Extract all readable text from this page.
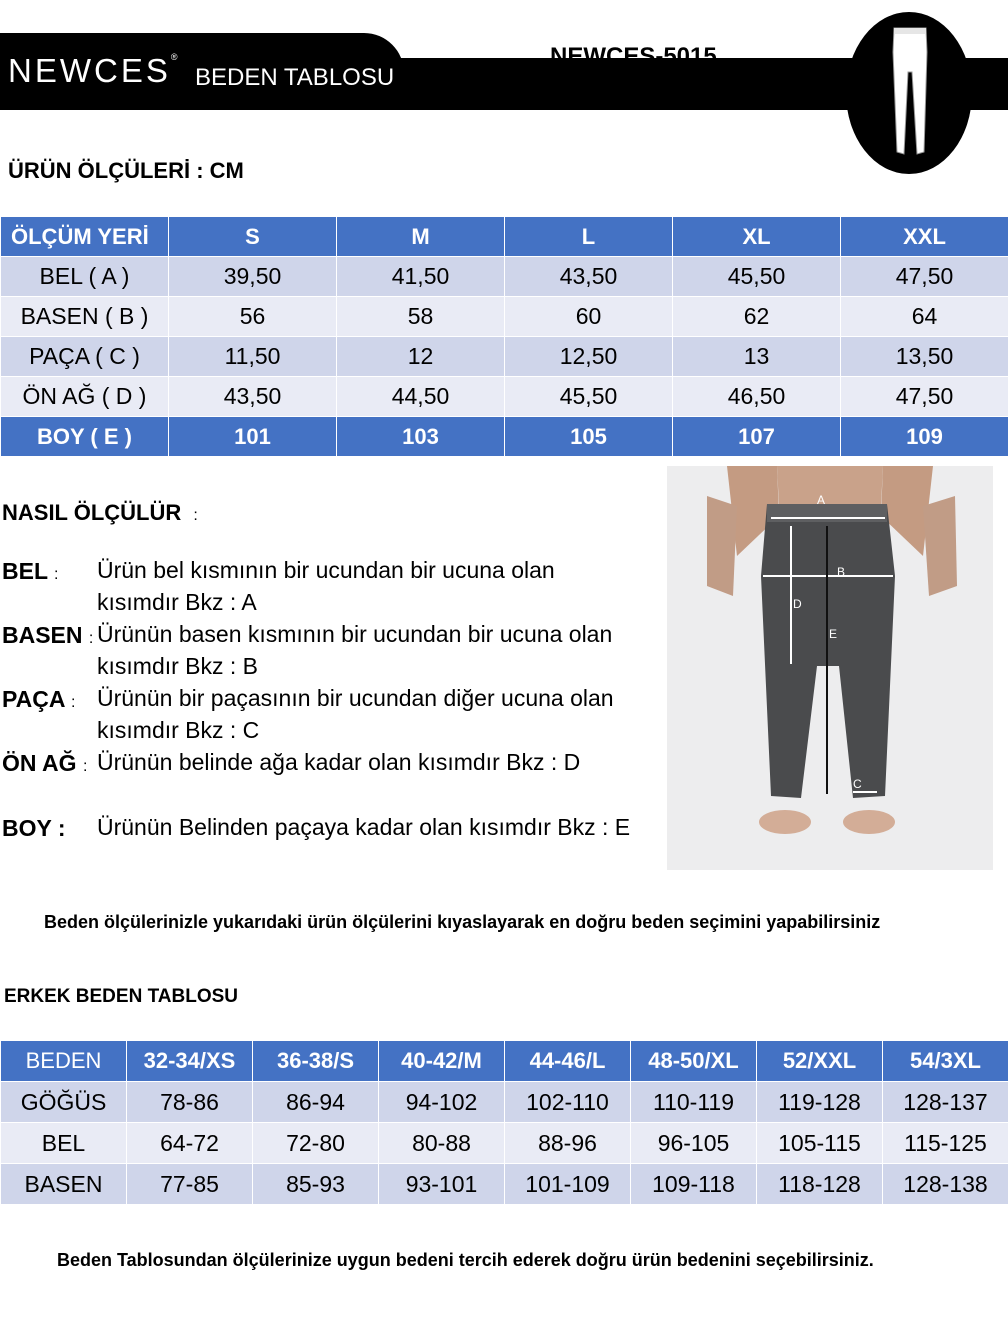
NEWCES®
BEDEN TABLOSU
NEWCES-5015
ÜRÜN ÖLÇÜLERİ : CM
ÖLÇÜM YERİ	S	M	L	XL	XXL
BEL ( A )	39,50	41,50	43,50	45,50	47,50
BASEN ( B )	56	58	60	62	64
PAÇA ( C )	11,50	12	12,50	13	13,50
ÖN AĞ ( D )	43,50	44,50	45,50	46,50	47,50
BOY ( E )	101	103	105	107	109
NASIL ÖLÇÜLÜR :
BEL : Ürün bel kısmının bir ucundan bir ucuna olan
kısımdır Bkz : A
BASEN : Ürünün basen kısmının bir ucundan bir ucuna olan
kısımdır Bkz : B
PAÇA : Ürünün bir paçasının bir ucundan diğer ucuna olan
kısımdır Bkz : C
ÖN AĞ : Ürünün belinde ağa kadar olan kısımdır Bkz : D
BOY : Ürünün Belinden paçaya kadar olan kısımdır Bkz : E
A
B
C
D
E
Beden ölçülerinizle yukarıdaki ürün ölçülerini kıyaslayarak en doğru beden seçimini yapabilirsiniz
ERKEK BEDEN TABLOSU
BEDEN	32-34/XS	36-38/S	40-42/M	44-46/L	48-50/XL	52/XXL	54/3XL
GÖĞÜS	78-86	86-94	94-102	102-110	110-119	119-128	128-137
BEL	64-72	72-80	80-88	88-96	96-105	105-115	115-125
BASEN	77-85	85-93	93-101	101-109	109-118	118-128	128-138
Beden Tablosundan ölçülerinize uygun bedeni tercih ederek doğru ürün bedenini seçebilirsiniz.
